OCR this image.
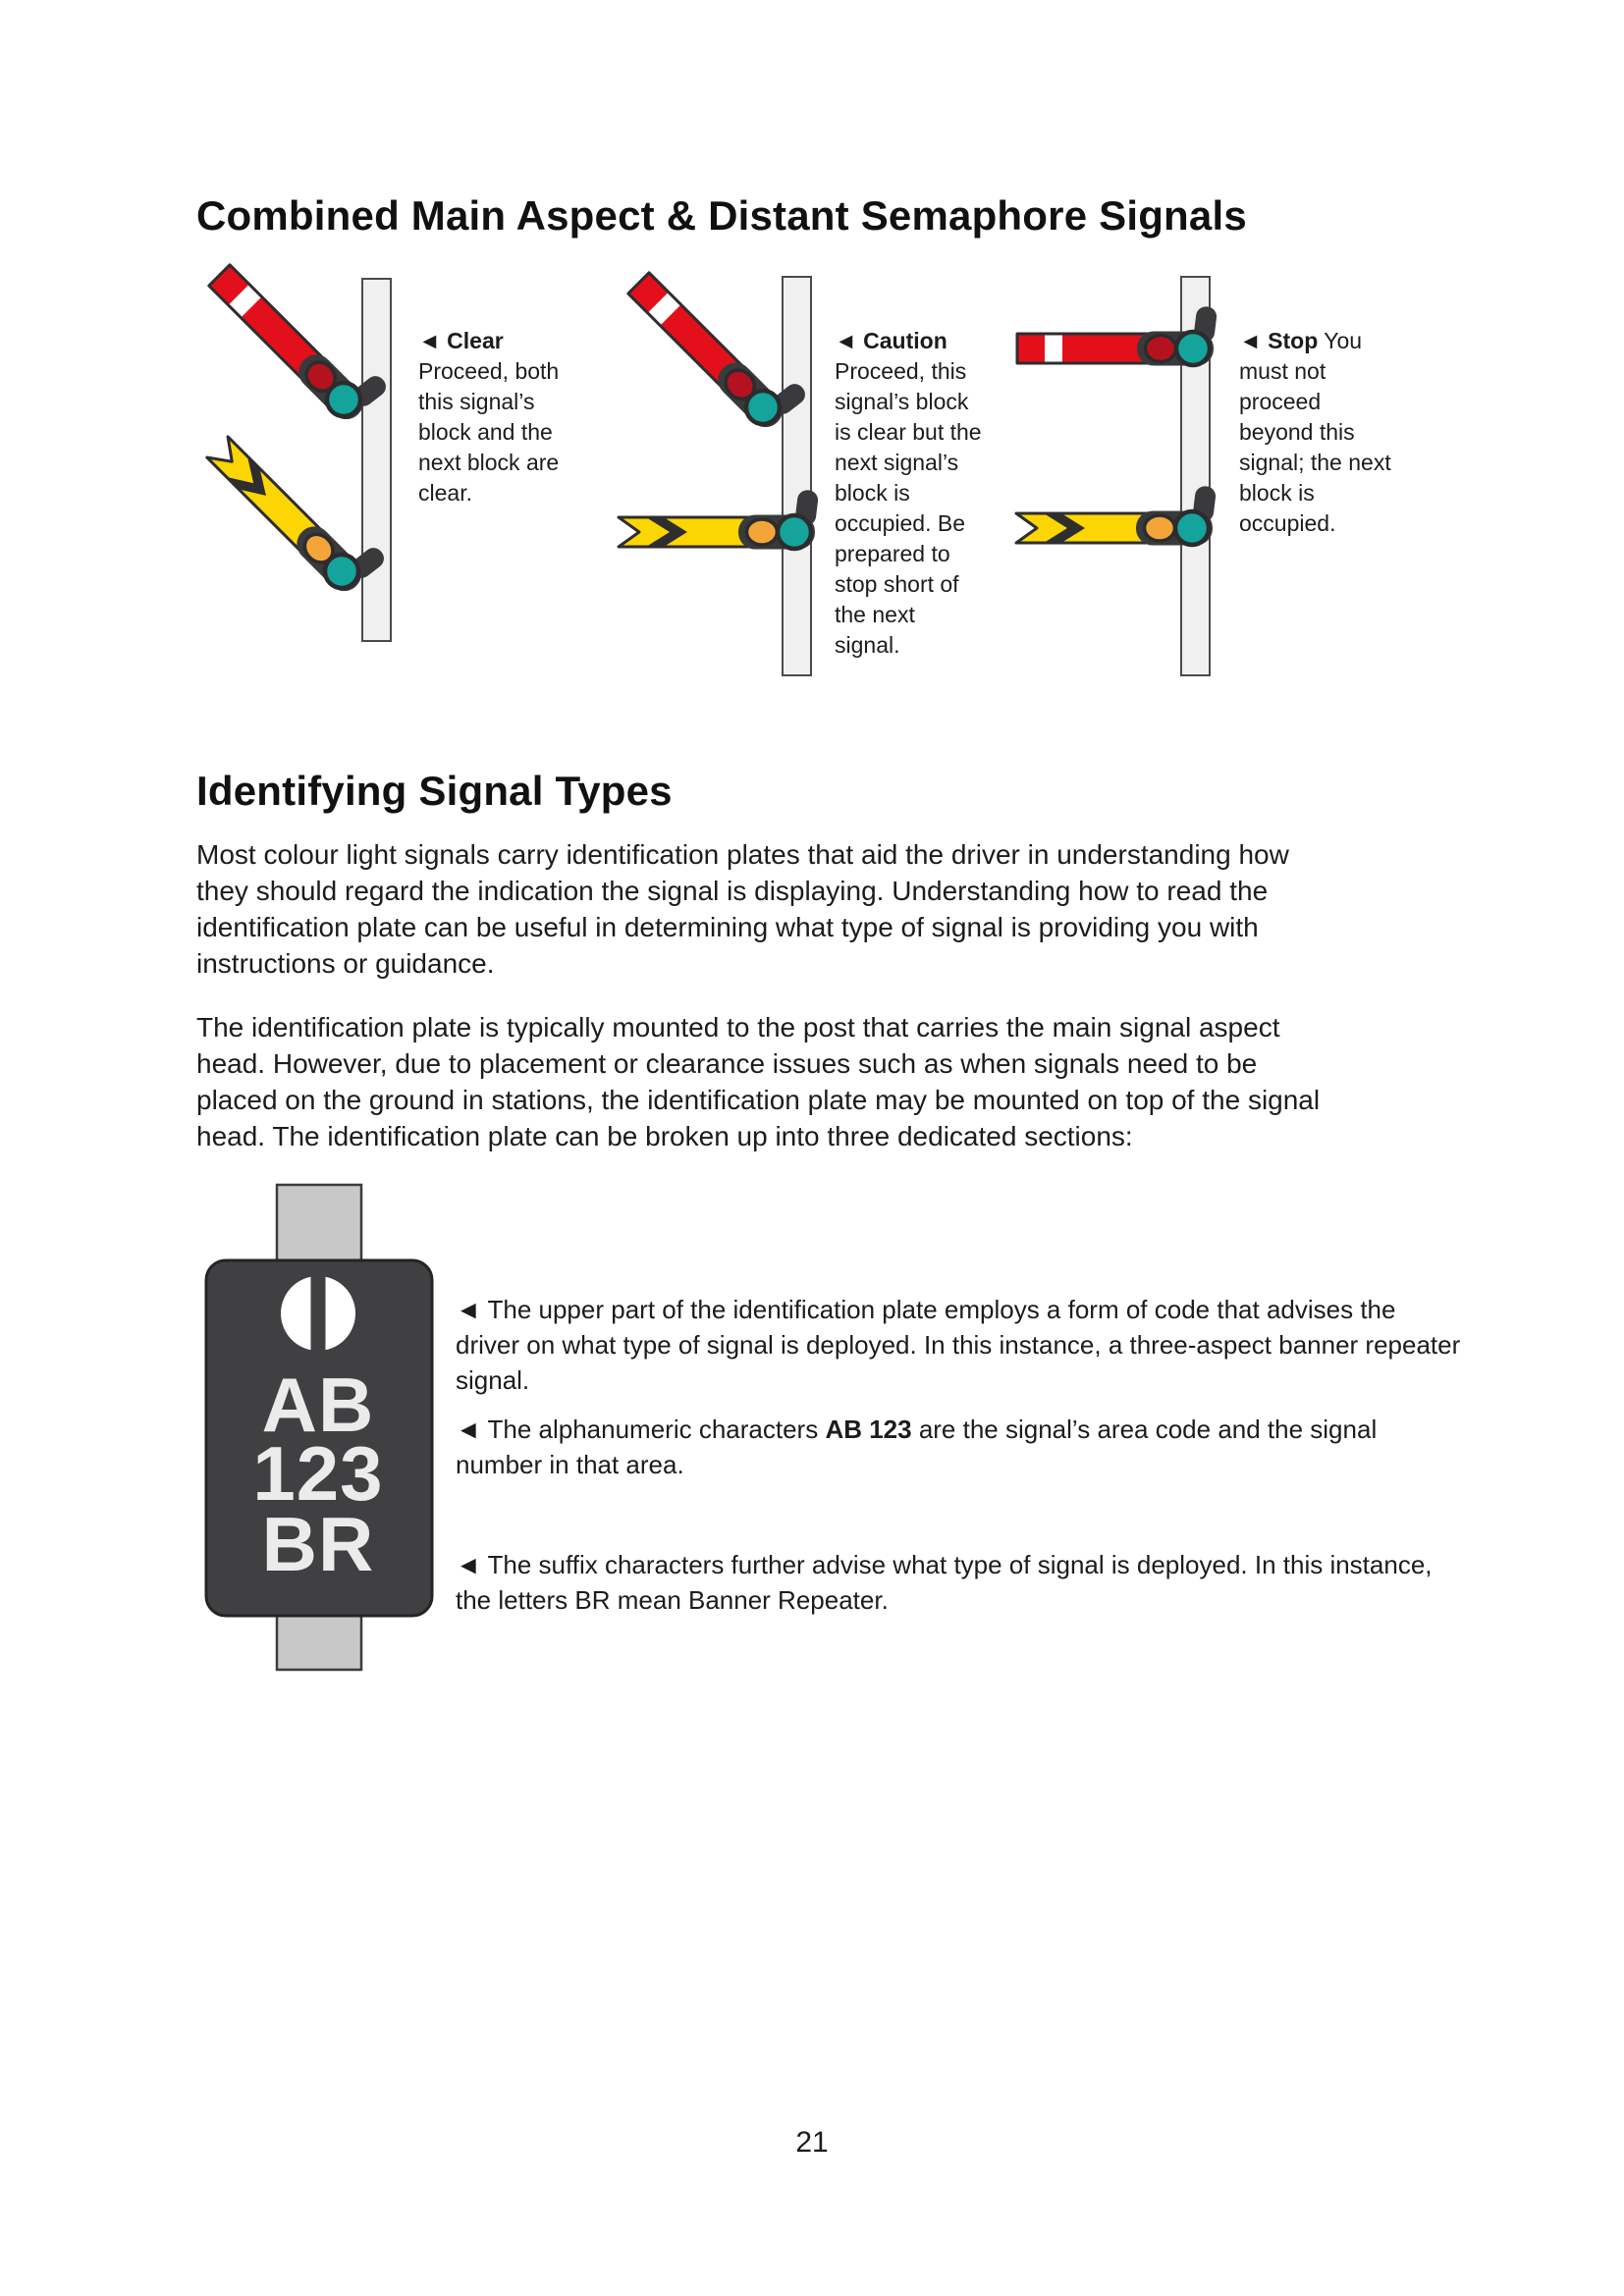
Combined Main Aspect & Distant Semaphore Signals
◄ Clear
Proceed, both
this signal’s
block and the
next block are
clear.
◄ Caution
Proceed, this
signal’s block
is clear but the
next signal’s
block is
occupied. Be
prepared to
stop short of
the next
signal.
◄ Stop You
must not
proceed
beyond this
signal; the next
block is
occupied.
Identifying Signal Types
Most colour light signals carry identification plates that aid the driver in understanding how
they should regard the indication the signal is displaying. Understanding how to read the
identification plate can be useful in determining what type of signal is providing you with
instructions or guidance.
The identification plate is typically mounted to the post that carries the main signal aspect
head. However, due to placement or clearance issues such as when signals need to be
placed on the ground in stations, the identification plate may be mounted on top of the signal
head. The identification plate can be broken up into three dedicated sections:
AB
123
BR
◄ The upper part of the identification plate employs a form of code that advises the
driver on what type of signal is deployed. In this instance, a three-aspect banner repeater
signal.
◄ The alphanumeric characters AB 123 are the signal’s area code and the signal
number in that area.
◄ The suffix characters further advise what type of signal is deployed. In this instance,
the letters BR mean Banner Repeater.
21
